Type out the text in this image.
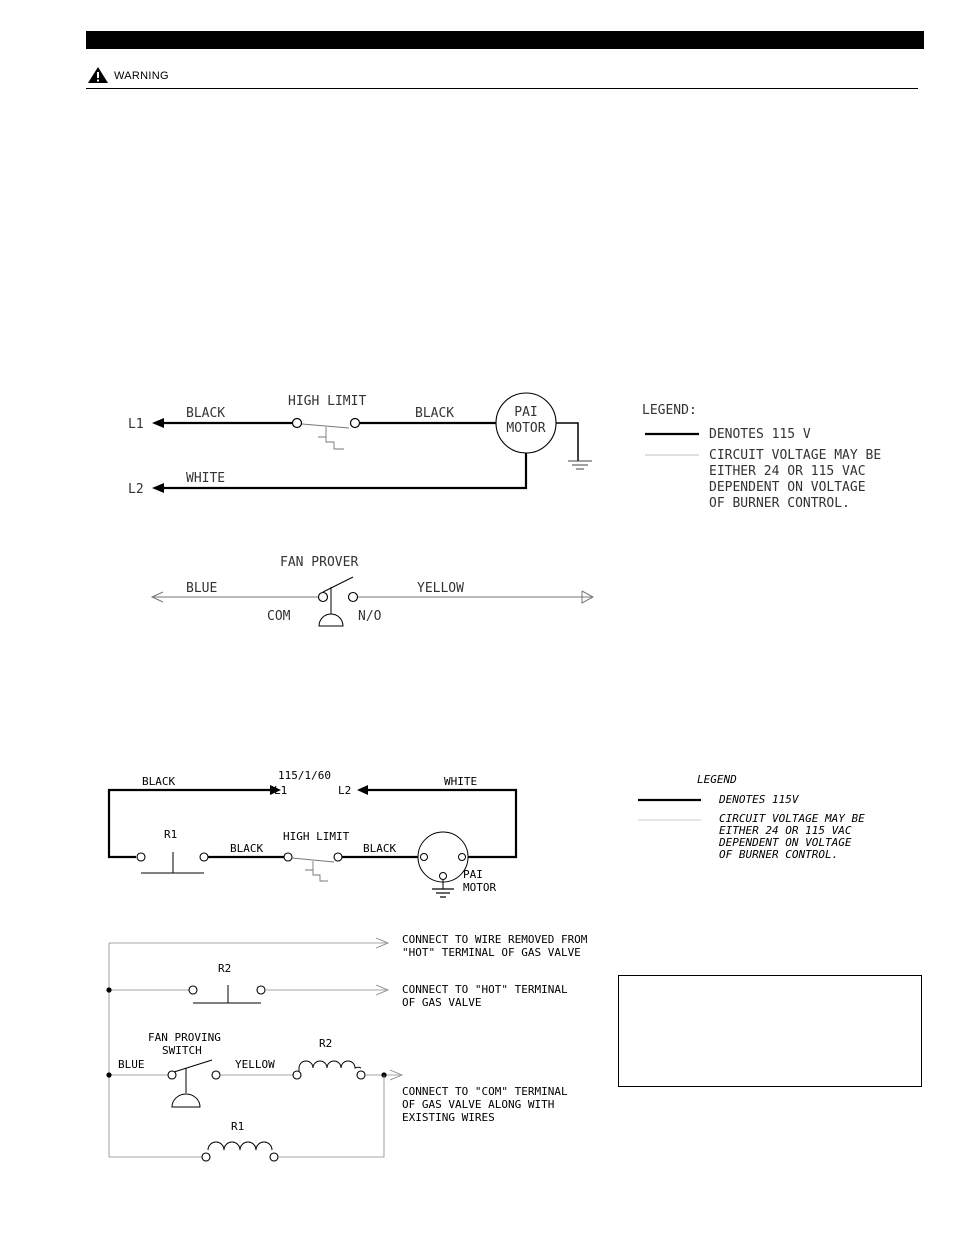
WARNING
L1
L2
BLACK
HIGH LIMIT
BLACK	PAI
MOTOR
WHITE
FAN PROVER
BLUE	YELLOW
COM	N/O
LEGEND:
DENOTES 115 V
CIRCUIT VOLTAGE MAY BE
EITHER 24 OR 115 VAC
DEPENDENT ON VOLTAGE
OF BURNER CONTROL.
115/1/60
L1	L2
BLACK	WHITE
R1
BLACK
HIGH LIMIT
BLACK
PAI
MOTOR
CONNECT TO WIRE REMOVED FROM
"HOT" TERMINAL OF GAS VALVE
R2
CONNECT TO "HOT" TERMINAL
OF GAS VALVE
FAN PROVING
SWITCH
BLUE	YELLOW
R2
CONNECT TO "COM" TERMINAL
OF GAS VALVE ALONG WITH
EXISTING WIRES
R1
LEGEND
DENOTES 115V
CIRCUIT VOLTAGE MAY BE
EITHER 24 OR 115 VAC
DEPENDENT ON VOLTAGE
OF BURNER CONTROL.
